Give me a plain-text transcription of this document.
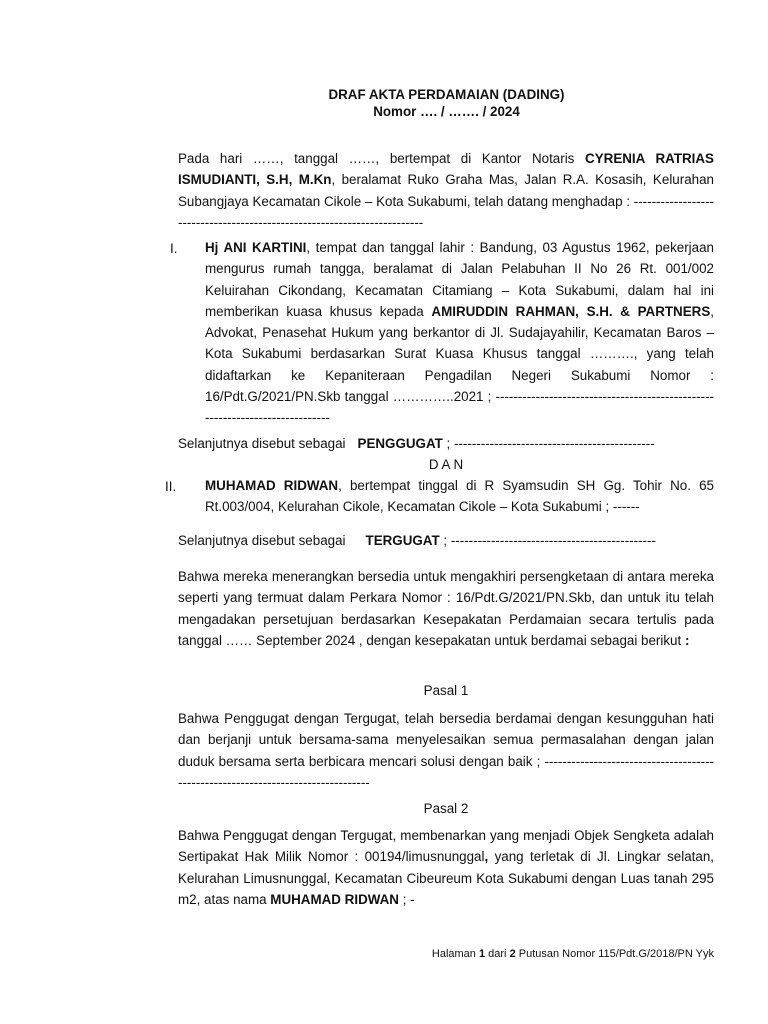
DRAF AKTA PERDAMAIAN (DADING)
Nomor …. / ……. / 2024

Pada hari ……, tanggal ……, bertempat di Kantor Notaris CYRENIA RATRIAS ISMUDIANTI, S.H, M.Kn, beralamat Ruko Graha Mas, Jalan R.A. Kosasih, Kelurahan Subangjaya Kecamatan Cikole – Kota Sukabumi, telah datang menghadap : -------------------------------------------------------------------------

I. Hj ANI KARTINI, tempat dan tanggal lahir : Bandung, 03 Agustus 1962, pekerjaan mengurus rumah tangga, beralamat di Jalan Pelabuhan II No 26 Rt. 001/002 Keluirahan Cikondang, Kecamatan Citamiang – Kota Sukabumi, dalam hal ini memberikan kuasa khusus kepada AMIRUDDIN RAHMAN, S.H. & PARTNERS, Advokat, Penasehat Hukum yang berkantor di Jl. Sudajayahilir, Kecamatan Baros – Kota Sukabumi berdasarkan Surat Kuasa Khusus tanggal ………., yang telah didaftarkan ke Kepaniteraan Pengadilan Negeri Sukabumi Nomor : 16/Pdt.G/2021/PN.Skb tanggal …………..2021 ; -----------------------------------------------------------------------------
Selanjutnya disebut sebagai PENGGUGAT ; ---------------------------------------------
D A N
II. MUHAMAD RIDWAN, bertempat tinggal di R Syamsudin SH Gg. Tohir No. 65 Rt.003/004, Kelurahan Cikole, Kecamatan Cikole – Kota Sukabumi ; ------
Selanjutnya disebut sebagai TERGUGAT ; ----------------------------------------------

Bahwa mereka menerangkan bersedia untuk mengakhiri persengketaan di antara mereka seperti yang termuat dalam Perkara Nomor : 16/Pdt.G/2021/PN.Skb, dan untuk itu telah mengadakan persetujuan berdasarkan Kesepakatan Perdamaian secara tertulis pada tanggal …… September 2024 , dengan kesepakatan untuk berdamai sebagai berikut :

Pasal 1

Bahwa Penggugat dengan Tergugat, telah bersedia berdamai dengan kesungguhan hati dan berjanji untuk bersama-sama menyelesaikan semua permasalahan dengan jalan duduk bersama serta berbicara mencari solusi dengan baik ; ---------------------------------------------------------------------------------

Pasal 2

Bahwa Penggugat dengan Tergugat, membenarkan yang menjadi Objek Sengketa adalah Sertipakat Hak Milik Nomor : 00194/limusnunggal, yang terletak di Jl. Lingkar selatan, Kelurahan Limusnunggal, Kecamatan Cibeureum Kota Sukabumi dengan Luas tanah 295 m2, atas nama MUHAMAD RIDWAN ; -

Halaman 1 dari 2 Putusan Nomor 115/Pdt.G/2018/PN Yyk
